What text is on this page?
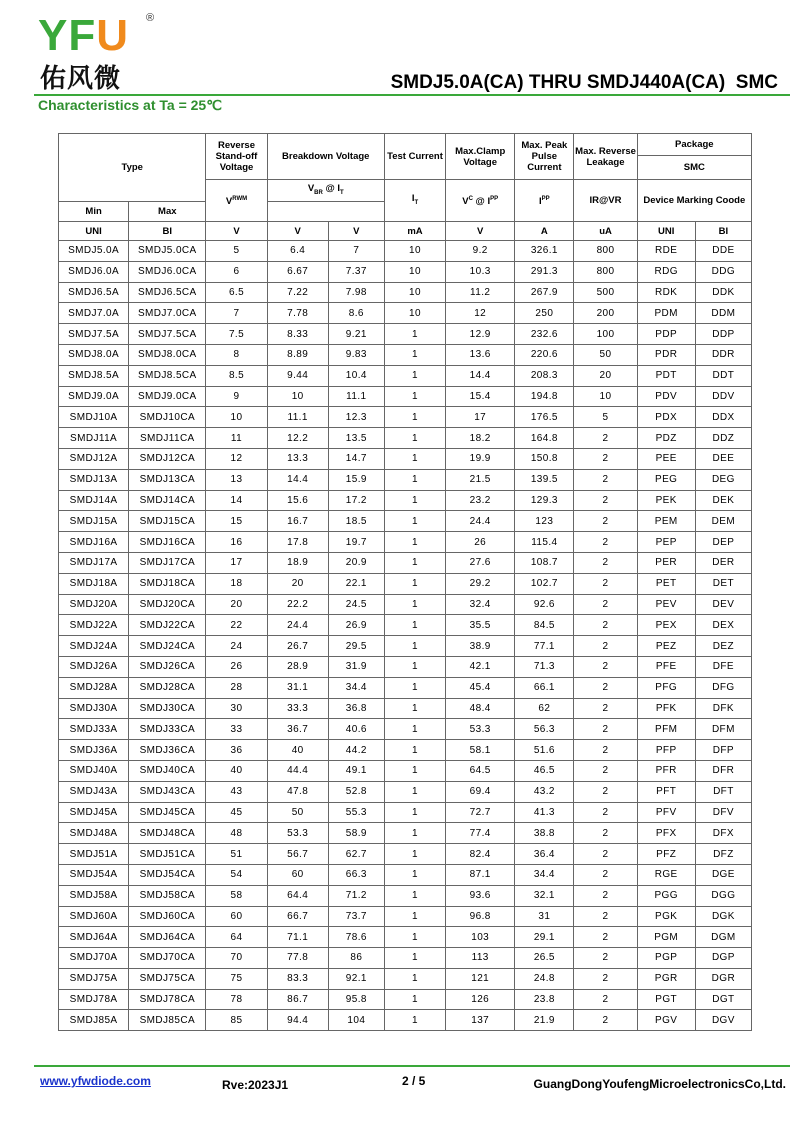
YFU	®
佑风微	SMDJ5.0A(CA) THRU SMDJ440A(CA)  SMC
Characteristics at Ta = 25℃
Type		Reverse Stand-off Voltage	Breakdown Voltage		Test Current	Max.Clamp Voltage	Max. Peak Pulse Current	Max. Reverse Leakage	Package	
									SMC	
		$V^{RWM}$	$V_{BR}$ @ $I_T$		$I_T$	$V^C$ @ $I^{PP}$	$I^{PP}$	IR@VR	Device Marking Coode	
Min	Max									
UNI	BI	V	V	V	mA	V	A	uA	UNI	BI
SMDJ5.0A	SMDJ5.0CA	5	6.4	7	10	9.2	326.1	800	RDE	DDE
SMDJ6.0A	SMDJ6.0CA	6	6.67	7.37	10	10.3	291.3	800	RDG	DDG
SMDJ6.5A	SMDJ6.5CA	6.5	7.22	7.98	10	11.2	267.9	500	RDK	DDK
SMDJ7.0A	SMDJ7.0CA	7	7.78	8.6	10	12	250	200	PDM	DDM
SMDJ7.5A	SMDJ7.5CA	7.5	8.33	9.21	1	12.9	232.6	100	PDP	DDP
SMDJ8.0A	SMDJ8.0CA	8	8.89	9.83	1	13.6	220.6	50	PDR	DDR
SMDJ8.5A	SMDJ8.5CA	8.5	9.44	10.4	1	14.4	208.3	20	PDT	DDT
SMDJ9.0A	SMDJ9.0CA	9	10	11.1	1	15.4	194.8	10	PDV	DDV
SMDJ10A	SMDJ10CA	10	11.1	12.3	1	17	176.5	5	PDX	DDX
SMDJ11A	SMDJ11CA	11	12.2	13.5	1	18.2	164.8	2	PDZ	DDZ
SMDJ12A	SMDJ12CA	12	13.3	14.7	1	19.9	150.8	2	PEE	DEE
SMDJ13A	SMDJ13CA	13	14.4	15.9	1	21.5	139.5	2	PEG	DEG
SMDJ14A	SMDJ14CA	14	15.6	17.2	1	23.2	129.3	2	PEK	DEK
SMDJ15A	SMDJ15CA	15	16.7	18.5	1	24.4	123	2	PEM	DEM
SMDJ16A	SMDJ16CA	16	17.8	19.7	1	26	115.4	2	PEP	DEP
SMDJ17A	SMDJ17CA	17	18.9	20.9	1	27.6	108.7	2	PER	DER
SMDJ18A	SMDJ18CA	18	20	22.1	1	29.2	102.7	2	PET	DET
SMDJ20A	SMDJ20CA	20	22.2	24.5	1	32.4	92.6	2	PEV	DEV
SMDJ22A	SMDJ22CA	22	24.4	26.9	1	35.5	84.5	2	PEX	DEX
SMDJ24A	SMDJ24CA	24	26.7	29.5	1	38.9	77.1	2	PEZ	DEZ
SMDJ26A	SMDJ26CA	26	28.9	31.9	1	42.1	71.3	2	PFE	DFE
SMDJ28A	SMDJ28CA	28	31.1	34.4	1	45.4	66.1	2	PFG	DFG
SMDJ30A	SMDJ30CA	30	33.3	36.8	1	48.4	62	2	PFK	DFK
SMDJ33A	SMDJ33CA	33	36.7	40.6	1	53.3	56.3	2	PFM	DFM
SMDJ36A	SMDJ36CA	36	40	44.2	1	58.1	51.6	2	PFP	DFP
SMDJ40A	SMDJ40CA	40	44.4	49.1	1	64.5	46.5	2	PFR	DFR
SMDJ43A	SMDJ43CA	43	47.8	52.8	1	69.4	43.2	2	PFT	DFT
SMDJ45A	SMDJ45CA	45	50	55.3	1	72.7	41.3	2	PFV	DFV
SMDJ48A	SMDJ48CA	48	53.3	58.9	1	77.4	38.8	2	PFX	DFX
SMDJ51A	SMDJ51CA	51	56.7	62.7	1	82.4	36.4	2	PFZ	DFZ
SMDJ54A	SMDJ54CA	54	60	66.3	1	87.1	34.4	2	RGE	DGE
SMDJ58A	SMDJ58CA	58	64.4	71.2	1	93.6	32.1	2	PGG	DGG
SMDJ60A	SMDJ60CA	60	66.7	73.7	1	96.8	31	2	PGK	DGK
SMDJ64A	SMDJ64CA	64	71.1	78.6	1	103	29.1	2	PGM	DGM
SMDJ70A	SMDJ70CA	70	77.8	86	1	113	26.5	2	PGP	DGP
SMDJ75A	SMDJ75CA	75	83.3	92.1	1	121	24.8	2	PGR	DGR
SMDJ78A	SMDJ78CA	78	86.7	95.8	1	126	23.8	2	PGT	DGT
SMDJ85A	SMDJ85CA	85	94.4	104	1	137	21.9	2	PGV	DGV
www.yfwdiode.com	Rve:2023J1	2 / 5	GuangDongYoufengMicroelectronicsCo,Ltd.
